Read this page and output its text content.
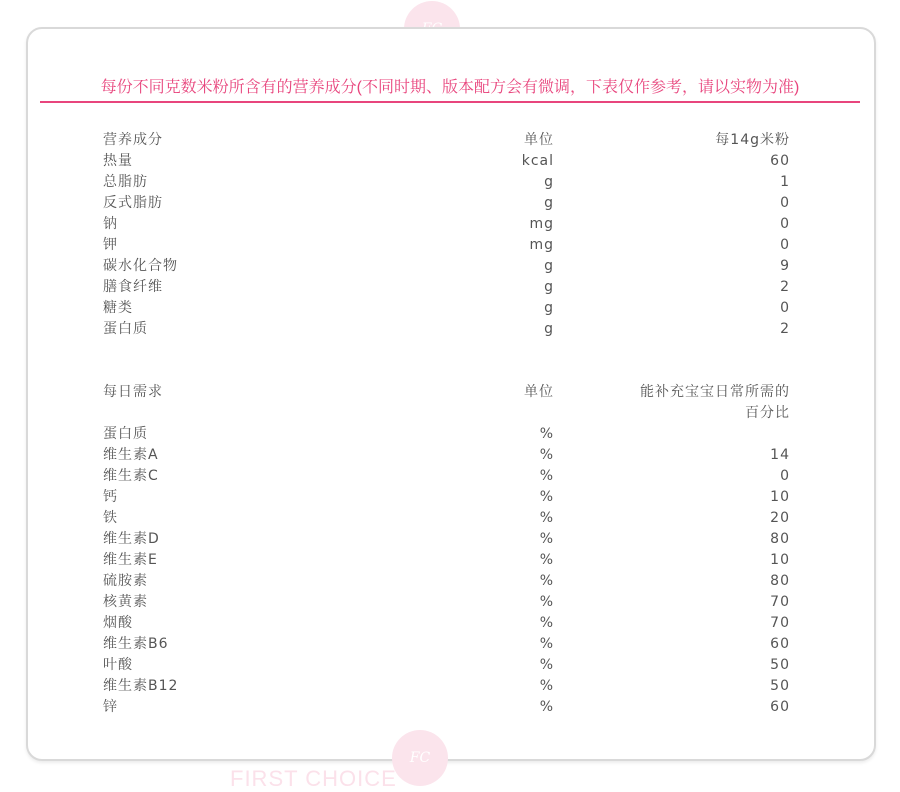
FC
FIRST CHOICE
每份不同克数米粉所含有的营养成分(不同时期、版本配方会有微调，下表仅作参考，请以实物为准)
营养成分	单位	每14g米粉
热量	kcal	60
总脂肪	g	1
反式脂肪	g	0
钠	mg	0
钾	mg	0
碳水化合物	g	9
膳食纤维	g	2
糖类	g	0
蛋白质	g	2
每日需求	单位	能补充宝宝日常所需的百分比
蛋白质	%
维生素A	%	14
维生素C	%	0
钙	%	10
铁	%	20
维生素D	%	80
维生素E	%	10
硫胺素	%	80
核黄素	%	70
烟酸	%	70
维生素B6	%	60
叶酸	%	50
维生素B12	%	50
锌	%	60
